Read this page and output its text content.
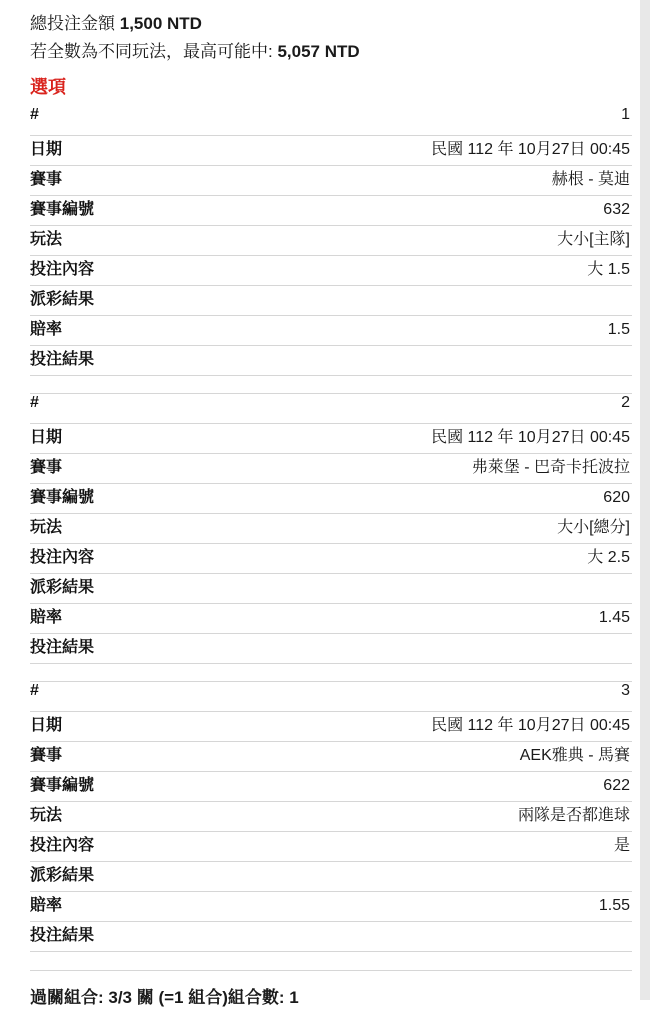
總投注金額 1,500 NTD
若全數為不同玩法，最高可能中: 5,057 NTD
選項
#	1
日期	民國 112 年 10月27日 00:45
賽事	赫根 - 莫迪
賽事編號	632
玩法	大小[主隊]
投注內容	大 1.5
派彩結果
賠率	1.5
投注結果
#	2
日期	民國 112 年 10月27日 00:45
賽事	弗萊堡 - 巴奇卡托波拉
賽事編號	620
玩法	大小[總分]
投注內容	大 2.5
派彩結果
賠率	1.45
投注結果
#	3
日期	民國 112 年 10月27日 00:45
賽事	AEK雅典 - 馬賽
賽事編號	622
玩法	兩隊是否都進球
投注內容	是
派彩結果
賠率	1.55
投注結果
過關組合: 3/3 關 (=1 組合)組合數: 1
